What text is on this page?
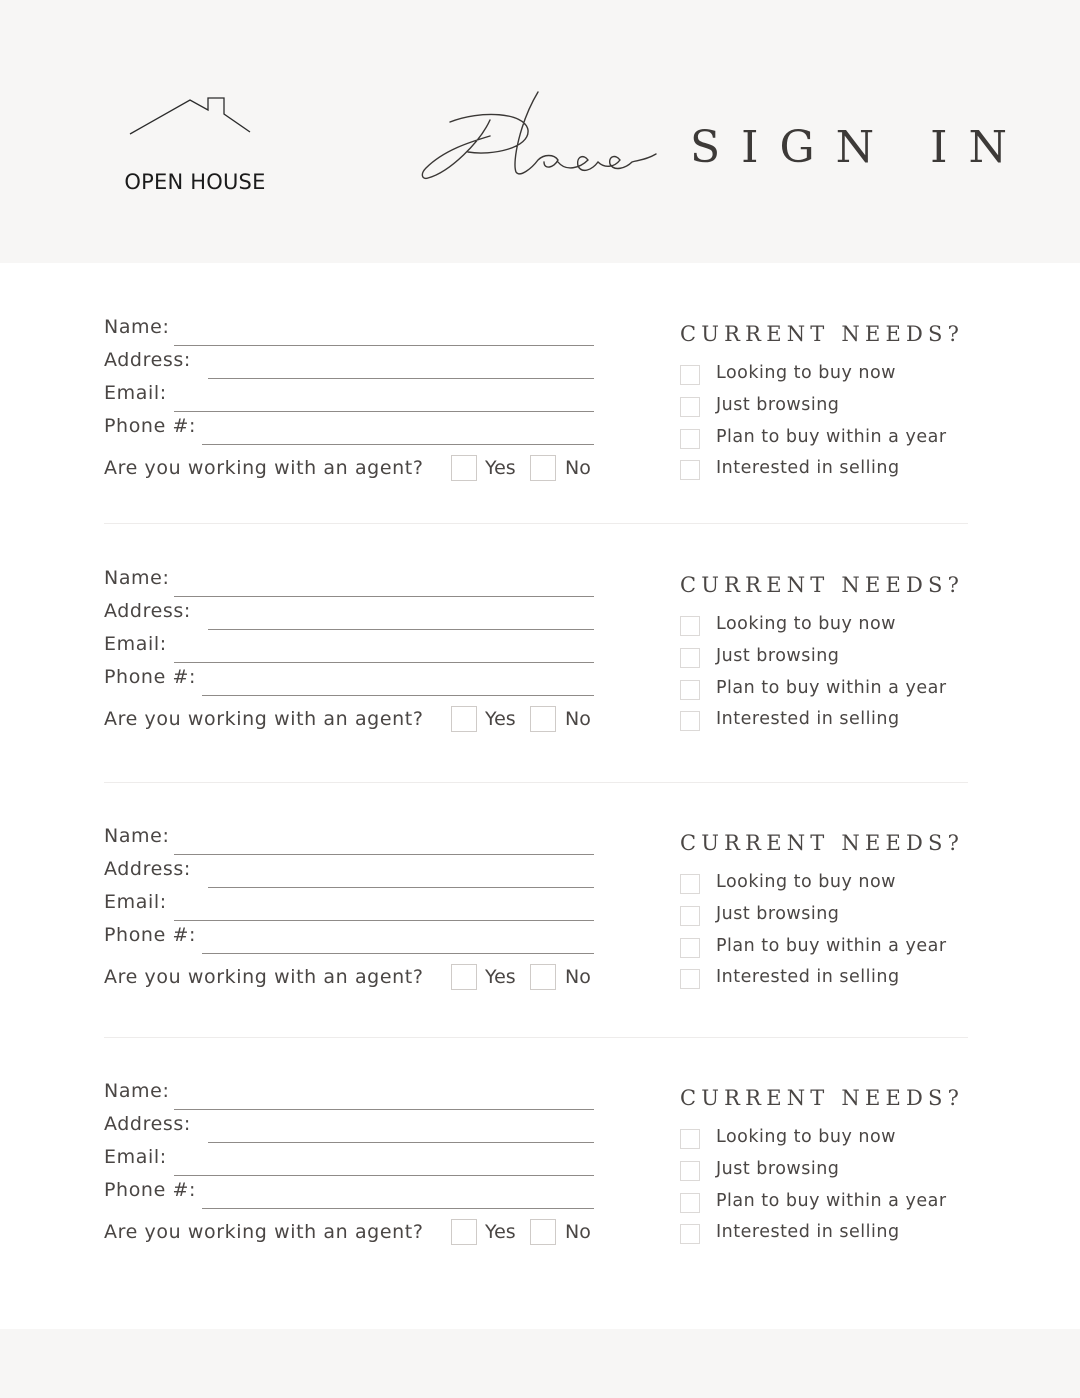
OPEN HOUSE
SIGN IN
Name:
Address:
Email:
Phone #:
Are you working with an agent?	Yes	No
CURRENT NEEDS?
Looking to buy now
Just browsing
Plan to buy within a year
Interested in selling
Name:
Address:
Email:
Phone #:
Are you working with an agent?	Yes	No
CURRENT NEEDS?
Looking to buy now
Just browsing
Plan to buy within a year
Interested in selling
Name:
Address:
Email:
Phone #:
Are you working with an agent?	Yes	No
CURRENT NEEDS?
Looking to buy now
Just browsing
Plan to buy within a year
Interested in selling
Name:
Address:
Email:
Phone #:
Are you working with an agent?	Yes	No
CURRENT NEEDS?
Looking to buy now
Just browsing
Plan to buy within a year
Interested in selling
